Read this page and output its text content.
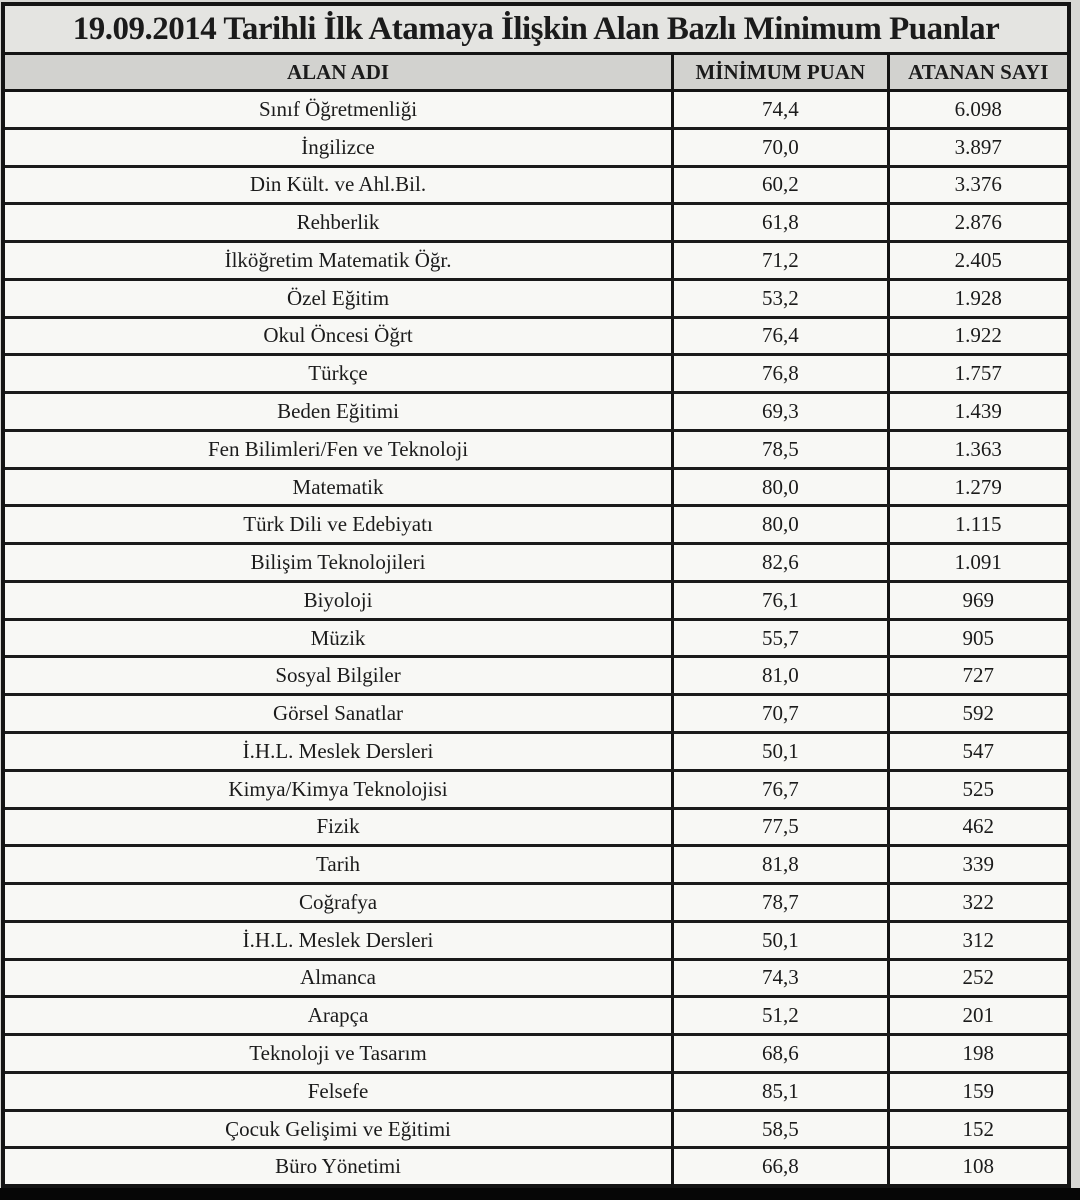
19.09.2014 Tarihli İlk Atamaya İlişkin Alan Bazlı Minimum Puanlar
ALAN ADI	MİNİMUM PUAN	ATANAN SAYI
Sınıf Öğretmenliği	74,4	6.098
İngilizce	70,0	3.897
Din Kült. ve Ahl.Bil.	60,2	3.376
Rehberlik	61,8	2.876
İlköğretim Matematik Öğr.	71,2	2.405
Özel Eğitim	53,2	1.928
Okul Öncesi Öğrt	76,4	1.922
Türkçe	76,8	1.757
Beden Eğitimi	69,3	1.439
Fen Bilimleri/Fen ve Teknoloji	78,5	1.363
Matematik	80,0	1.279
Türk Dili ve Edebiyatı	80,0	1.115
Bilişim Teknolojileri	82,6	1.091
Biyoloji	76,1	969
Müzik	55,7	905
Sosyal Bilgiler	81,0	727
Görsel Sanatlar	70,7	592
İ.H.L. Meslek Dersleri	50,1	547
Kimya/Kimya Teknolojisi	76,7	525
Fizik	77,5	462
Tarih	81,8	339
Coğrafya	78,7	322
İ.H.L. Meslek Dersleri	50,1	312
Almanca	74,3	252
Arapça	51,2	201
Teknoloji ve Tasarım	68,6	198
Felsefe	85,1	159
Çocuk Gelişimi ve Eğitimi	58,5	152
Büro Yönetimi	66,8	108
